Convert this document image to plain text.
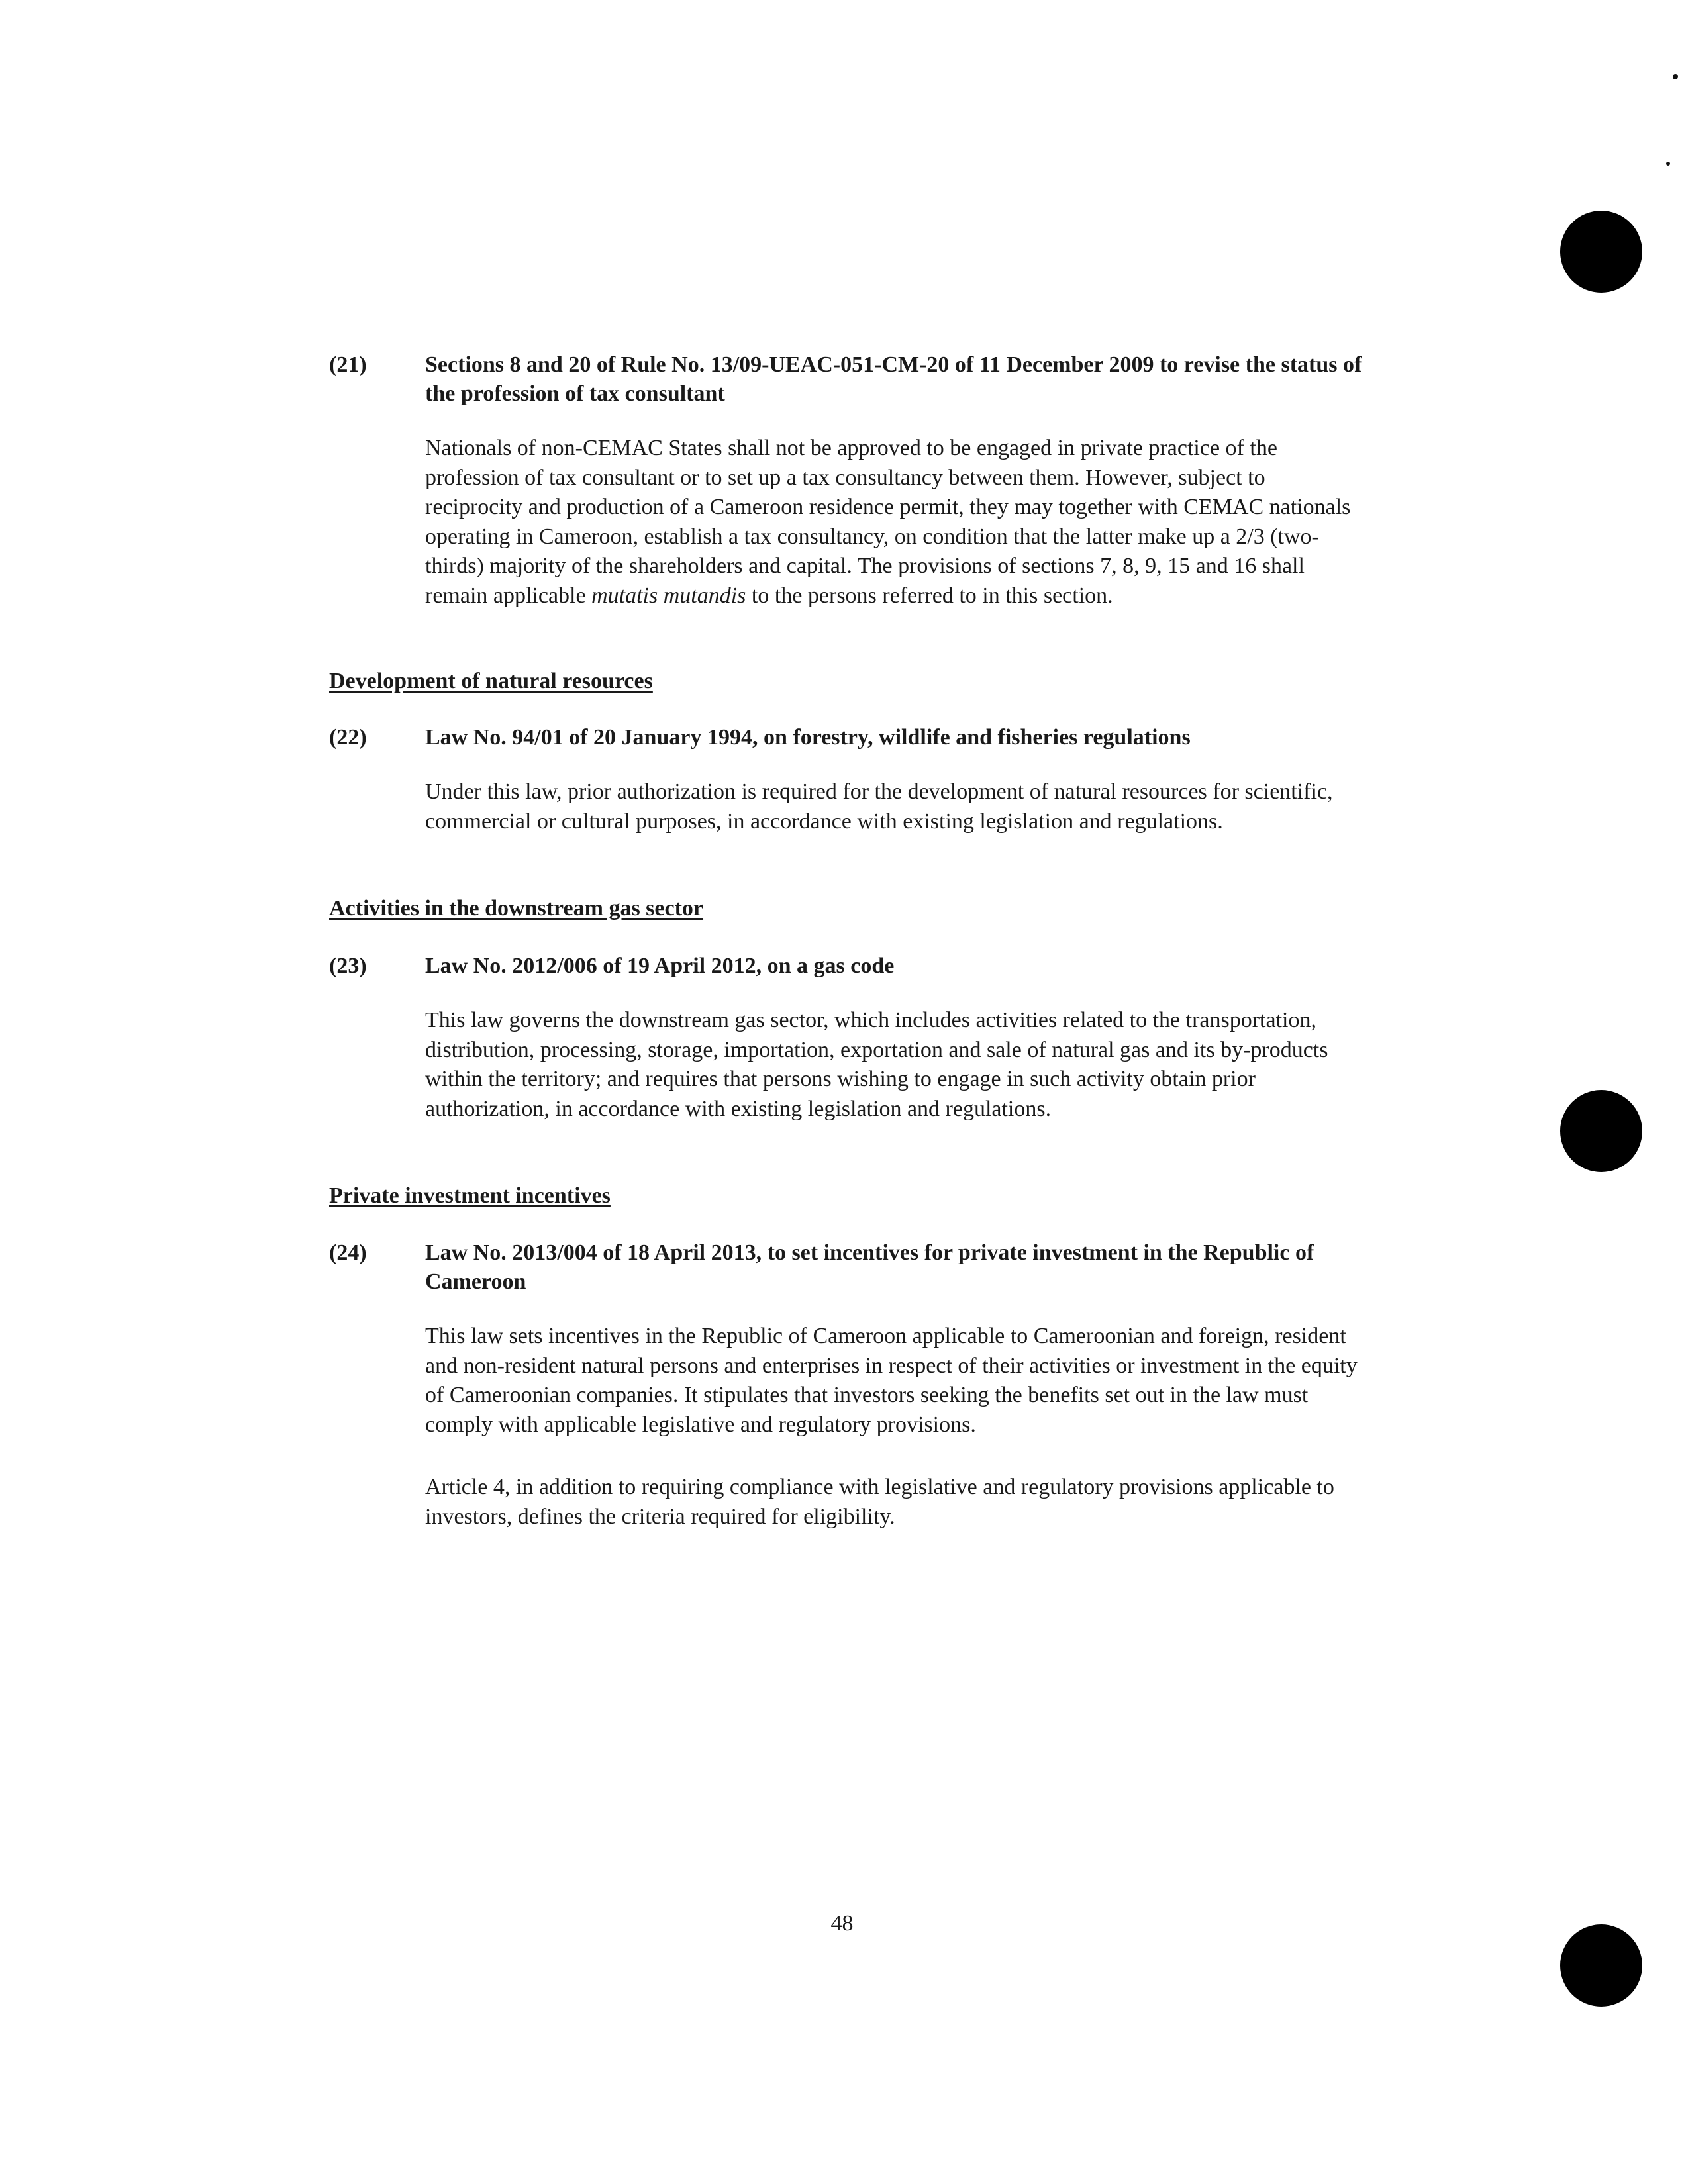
(21)	Sections 8 and 20 of Rule No. 13/09-UEAC-051-CM-20 of 11 December 2009 to revise the status of the profession of tax consultant

Nationals of non-CEMAC States shall not be approved to be engaged in private practice of the profession of tax consultant or to set up a tax consultancy between them. However, subject to reciprocity and production of a Cameroon residence permit, they may together with CEMAC nationals operating in Cameroon, establish a tax consultancy, on condition that the latter make up a 2/3 (two-thirds) majority of the shareholders and capital. The provisions of sections 7, 8, 9, 15 and 16 shall remain applicable mutatis mutandis to the persons referred to in this section.

Development of natural resources
(22)	Law No. 94/01 of 20 January 1994, on forestry, wildlife and fisheries regulations

Under this law, prior authorization is required for the development of natural resources for scientific, commercial or cultural purposes, in accordance with existing legislation and regulations.

Activities in the downstream gas sector
(23)	Law No. 2012/006 of 19 April 2012, on a gas code

This law governs the downstream gas sector, which includes activities related to the transportation, distribution, processing, storage, importation, exportation and sale of natural gas and its by-products within the territory; and requires that persons wishing to engage in such activity obtain prior authorization, in accordance with existing legislation and regulations.

Private investment incentives
(24)	Law No. 2013/004 of 18 April 2013, to set incentives for private investment in the Republic of Cameroon

This law sets incentives in the Republic of Cameroon applicable to Cameroonian and foreign, resident and non-resident natural persons and enterprises in respect of their activities or investment in the equity of Cameroonian companies. It stipulates that investors seeking the benefits set out in the law must comply with applicable legislative and regulatory provisions.

Article 4, in addition to requiring compliance with legislative and regulatory provisions applicable to investors, defines the criteria required for eligibility.

48
